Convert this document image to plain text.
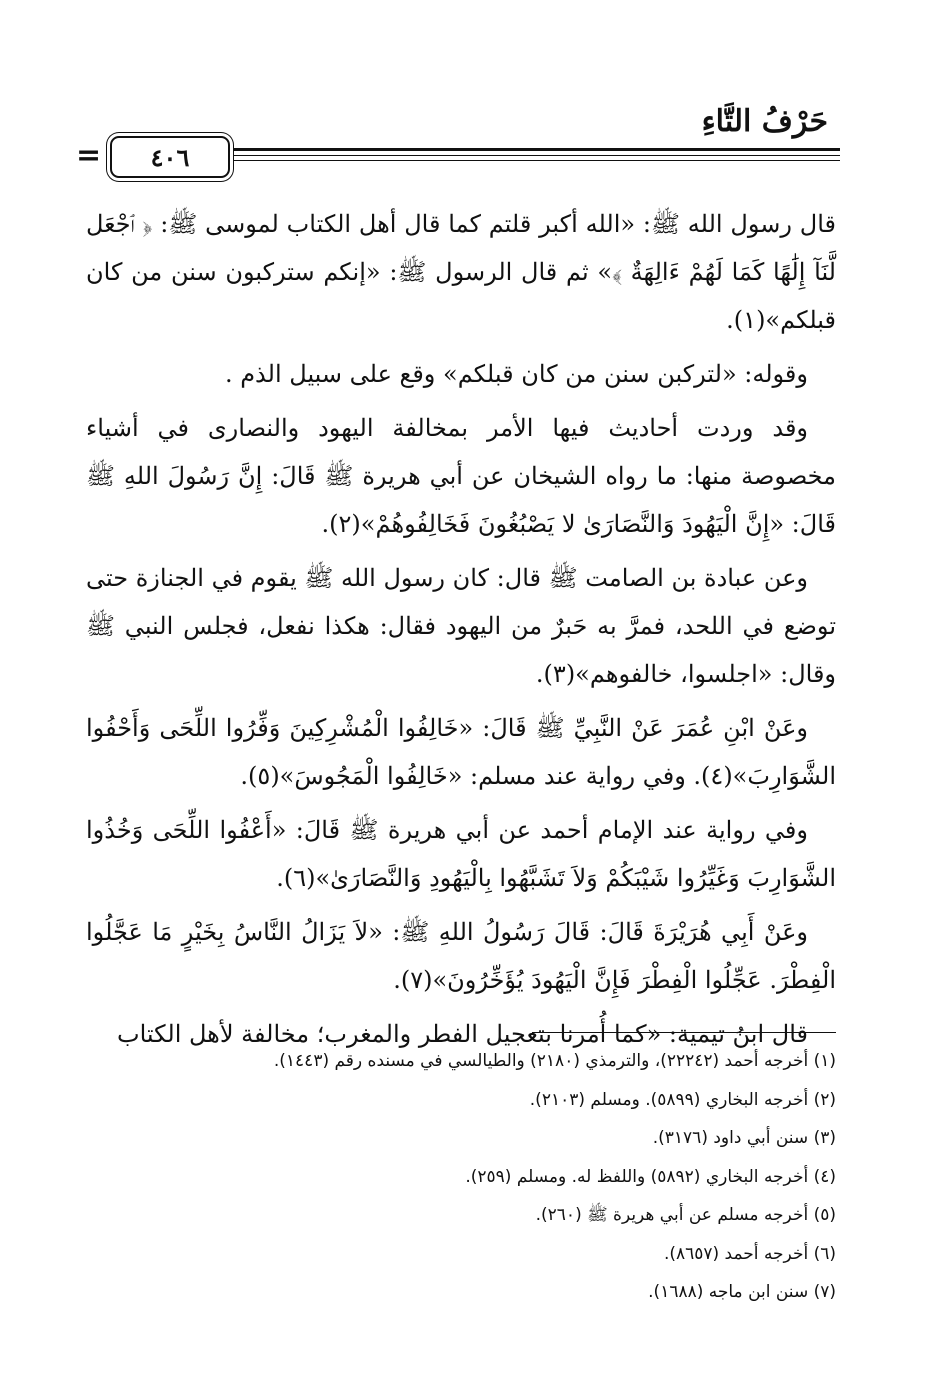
حَرْفُ التَّاءِ
٤٠٦
=

قال رسول الله ﷺ: «الله أكبر قلتم كما قال أهل الكتاب لموسى ﷺ: ﴿ ٱجْعَل لَّنَآ إِلَٰهًا كَمَا لَهُمْ ءَالِهَةٌ ﴾» ثم قال الرسول ﷺ: «إنكم ستركبون سنن من كان قبلكم»(١).

وقوله: «لتركبن سنن من كان قبلكم» وقع على سبيل الذم .

وقد وردت أحاديث فيها الأمر بمخالفة اليهود والنصارى في أشياء مخصوصة منها: ما رواه الشيخان عن أبي هريرة ﷺ قَالَ: إِنَّ رَسُولَ اللهِ ﷺ قَالَ: «إِنَّ الْيَهُودَ وَالنَّصَارَىٰ لا يَصْبُغُونَ فَخَالِفُوهُمْ»(٢).

وعن عبادة بن الصامت ﷺ قال: كان رسول الله ﷺ يقوم في الجنازة حتى توضع في اللحد، فمرَّ به حَبرٌ من اليهود فقال: هكذا نفعل، فجلس النبي ﷺ وقال: «اجلسوا، خالفوهم»(٣).

وعَنْ ابْنِ عُمَرَ عَنْ النَّبِيِّ ﷺ قَالَ: «خَالِفُوا الْمُشْرِكِينَ وَفِّرُوا اللِّحَى وَأَحْفُوا الشَّوَارِبَ»(٤). وفي رواية عند مسلم: «خَالِفُوا الْمَجُوسَ»(٥).

وفي رواية عند الإمام أحمد عن أبي هريرة ﷺ قَالَ: «أَعْفُوا اللِّحَى وَخُذُوا الشَّوَارِبَ وَغَيِّرُوا شَيْبَكُمْ وَلاَ تَشَبَّهُوا بِالْيَهُودِ وَالنَّصَارَىٰ»(٦).

وعَنْ أَبِي هُرَيْرَةَ قَالَ: قَالَ رَسُولُ اللهِ ﷺ: «لاَ يَزَالُ النَّاسُ بِخَيْرٍ مَا عَجَّلُوا الْفِطْرَ. عَجِّلُوا الْفِطْرَ فَإِنَّ الْيَهُودَ يُؤَخِّرُونَ»(٧).

قال ابنُ تيمية: «كما أُمرنا بتعجيل الفطر والمغرب؛ مخالفة لأهل الكتاب

(١) أخرجه أحمد (٢٢٢٤٢)، والترمذي (٢١٨٠) والطيالسي في مسنده رقم (١٤٤٣).
(٢) أخرجه البخاري (٥٨٩٩). ومسلم (٢١٠٣).
(٣) سنن أبي داود (٣١٧٦).
(٤) أخرجه البخاري (٥٨٩٢) واللفظ له. ومسلم (٢٥٩).
(٥) أخرجه مسلم عن أبي هريرة ﷺ (٢٦٠).
(٦) أخرجه أحمد (٨٦٥٧).
(٧) سنن ابن ماجه (١٦٨٨).
